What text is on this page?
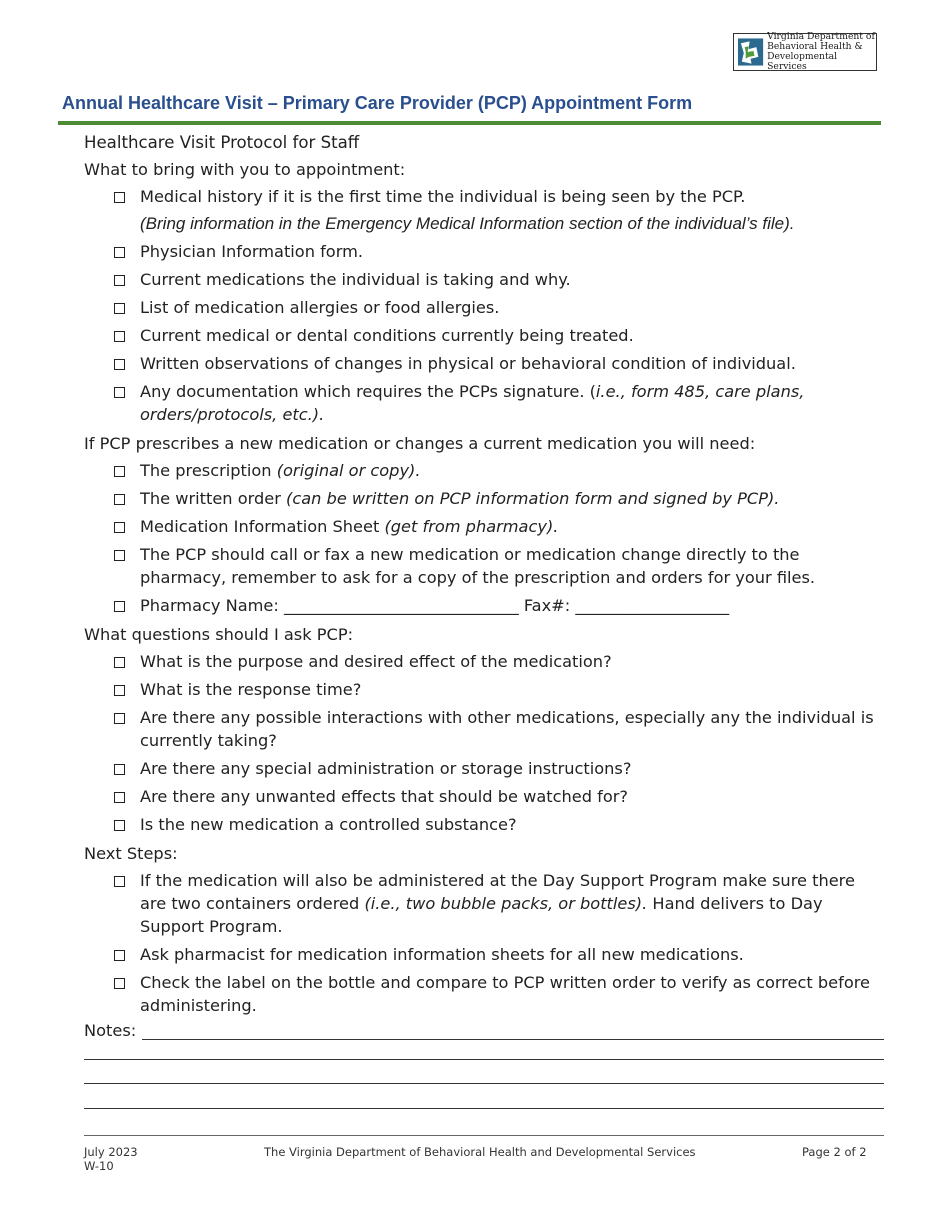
Virginia Department of
Behavioral Health &
Developmental Services
Annual Healthcare Visit – Primary Care Provider (PCP) Appointment Form
Healthcare Visit Protocol for Staff
What to bring with you to appointment:
Medical history if it is the first time the individual is being seen by the PCP.
(Bring information in the Emergency Medical Information section of the individual’s file).
Physician Information form.
Current medications the individual is taking and why.
List of medication allergies or food allergies.
Current medical or dental conditions currently being treated.
Written observations of changes in physical or behavioral condition of individual.
Any documentation which requires the PCPs signature. (i.e., form 485, care plans, orders/protocols, etc.).
If PCP prescribes a new medication or changes a current medication you will need:
The prescription (original or copy).
The written order (can be written on PCP information form and signed by PCP).
Medication Information Sheet (get from pharmacy).
The PCP should call or fax a new medication or medication change directly to the pharmacy, remember to ask for a copy of the prescription and orders for your files.
Pharmacy Name: _____________________________ Fax#: ___________________
What questions should I ask PCP:
What is the purpose and desired effect of the medication?
What is the response time?
Are there any possible interactions with other medications, especially any the individual is currently taking?
Are there any special administration or storage instructions?
Are there any unwanted effects that should be watched for?
Is the new medication a controlled substance?
Next Steps:
If the medication will also be administered at the Day Support Program make sure there are two containers ordered (i.e., two bubble packs, or bottles). Hand delivers to Day Support Program.
Ask pharmacist for medication information sheets for all new medications.
Check the label on the bottle and compare to PCP written order to verify as correct before administering.
Notes:
July 2023
W-10
The Virginia Department of Behavioral Health and Developmental Services	Page 2 of 2
